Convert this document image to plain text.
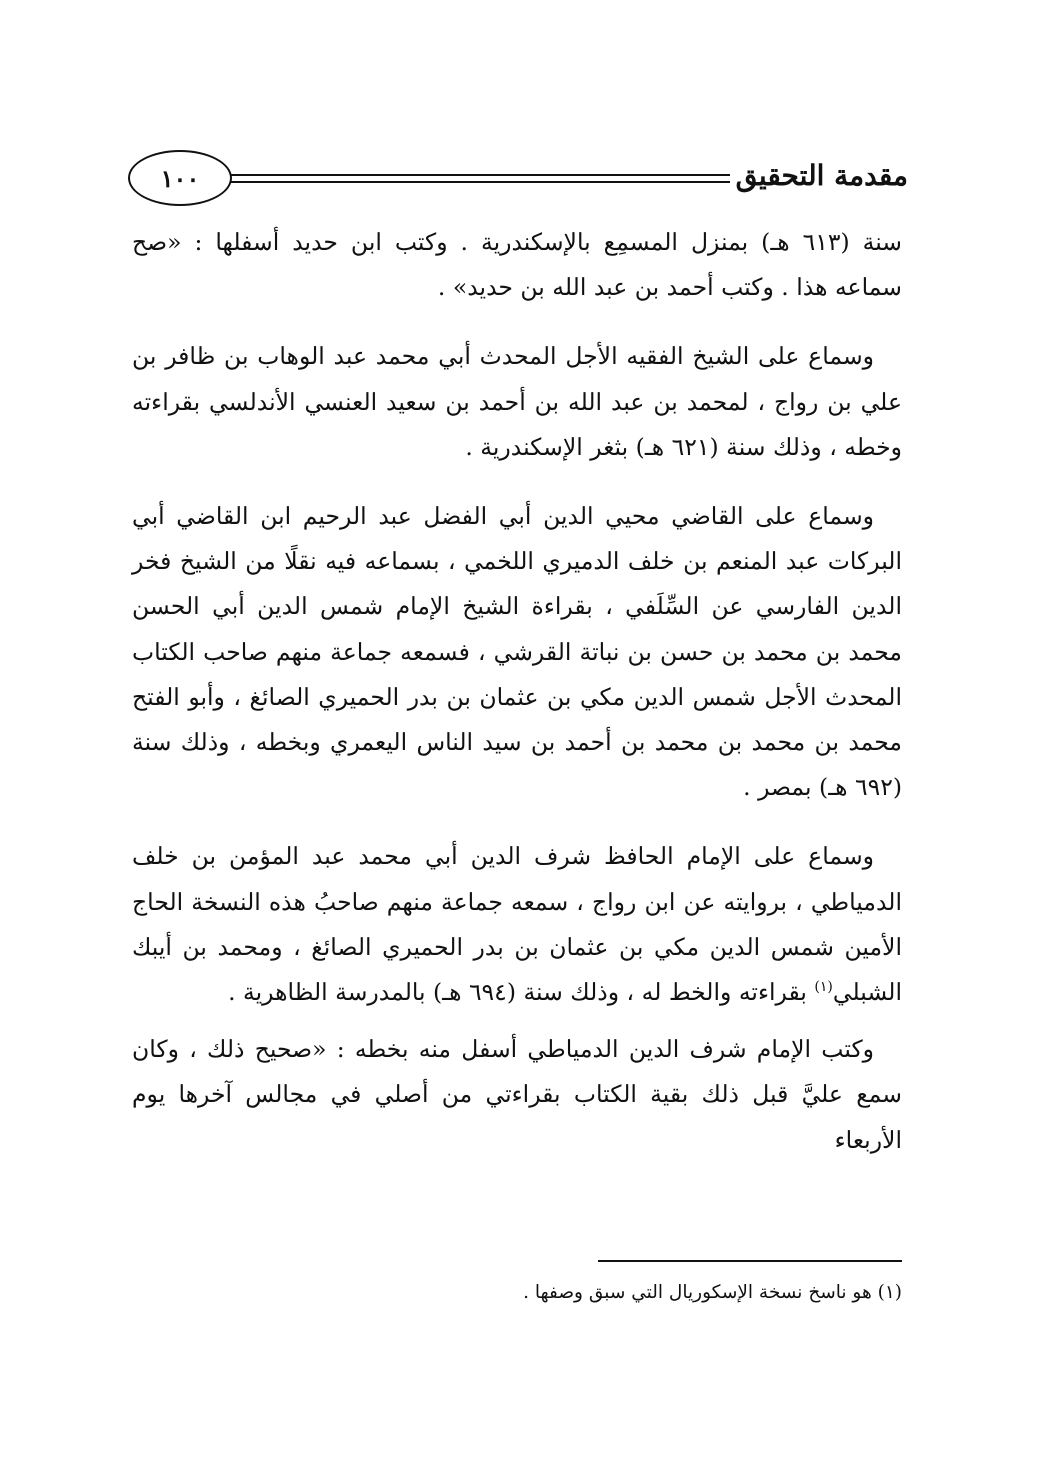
١٠٠	مقدمة التحقيق

سنة (٦١٣ هـ) بمنزل المسمِع بالإسكندرية . وكتب ابن حديد أسفلها : «صح سماعه هذا . وكتب أحمد بن عبد الله بن حديد» .

وسماع على الشيخ الفقيه الأجل المحدث أبي محمد عبد الوهاب بن ظافر بن علي بن رواج ، لمحمد بن عبد الله بن أحمد بن سعيد العنسي الأندلسي بقراءته وخطه ، وذلك سنة (٦٢١ هـ) بثغر الإسكندرية .

وسماع على القاضي محيي الدين أبي الفضل عبد الرحيم ابن القاضي أبي البركات عبد المنعم بن خلف الدميري اللخمي ، بسماعه فيه نقلًا من الشيخ فخر الدين الفارسي عن السِّلَفي ، بقراءة الشيخ الإمام شمس الدين أبي الحسن محمد بن محمد بن حسن بن نباتة القرشي ، فسمعه جماعة منهم صاحب الكتاب المحدث الأجل شمس الدين مكي بن عثمان بن بدر الحميري الصائغ ، وأبو الفتح محمد بن محمد بن محمد بن أحمد بن سيد الناس اليعمري وبخطه ، وذلك سنة (٦٩٢ هـ) بمصر .

وسماع على الإمام الحافظ شرف الدين أبي محمد عبد المؤمن بن خلف الدمياطي ، بروايته عن ابن رواج ، سمعه جماعة منهم صاحبُ هذه النسخة الحاج الأمين شمس الدين مكي بن عثمان بن بدر الحميري الصائغ ، ومحمد بن أيبك الشبلي$^{(١)}$ بقراءته والخط له ، وذلك سنة (٦٩٤ هـ) بالمدرسة الظاهرية .

وكتب الإمام شرف الدين الدمياطي أسفل منه بخطه : «صحيح ذلك ، وكان سمع عليَّ قبل ذلك بقية الكتاب بقراءتي من أصلي في مجالس آخرها يوم الأربعاء

(١) هو ناسخ نسخة الإسكوريال التي سبق وصفها .
